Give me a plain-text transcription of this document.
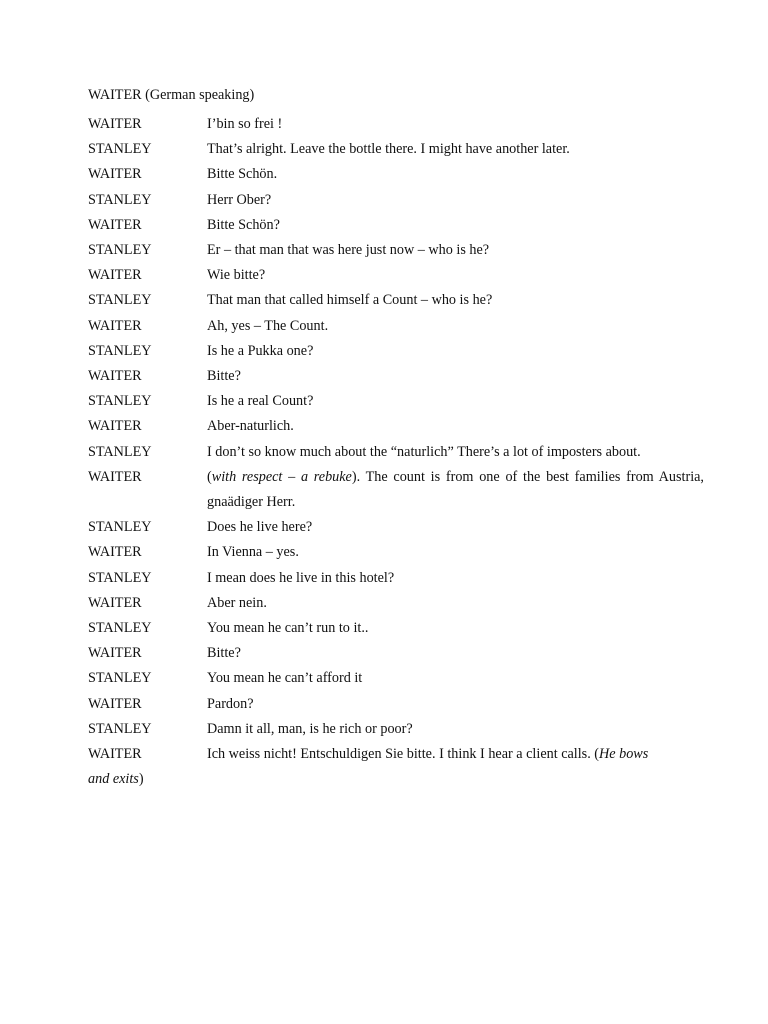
WAITER (German speaking)
WAITER	I’bin so frei !
STANLEY	That’s alright. Leave the bottle there. I might have another later.
WAITER	Bitte Schön.
STANLEY	Herr Ober?
WAITER	Bitte Schön?
STANLEY	Er – that man that was here just now – who is he?
WAITER	Wie bitte?
STANLEY	That man that called himself a Count – who is he?
WAITER	Ah, yes – The Count.
STANLEY	Is he a Pukka one?
WAITER	Bitte?
STANLEY	Is he a real Count?
WAITER	Aber-naturlich.
STANLEY	I don’t so know much about the “naturlich” There’s a lot of imposters about.
WAITER	(with respect – a rebuke). The count is from one of the best families from Austria, gnaädiger Herr.
STANLEY	Does he live here?
WAITER	In Vienna – yes.
STANLEY	I mean does he live in this hotel?
WAITER	Aber nein.
STANLEY	You mean he can’t run to it..
WAITER	Bitte?
STANLEY	You mean he can’t afford it
WAITER	Pardon?
STANLEY	Damn it all, man, is he rich or poor?
WAITER	Ich weiss nicht! Entschuldigen Sie bitte. I think I hear a client calls. (He bows
and exits)
